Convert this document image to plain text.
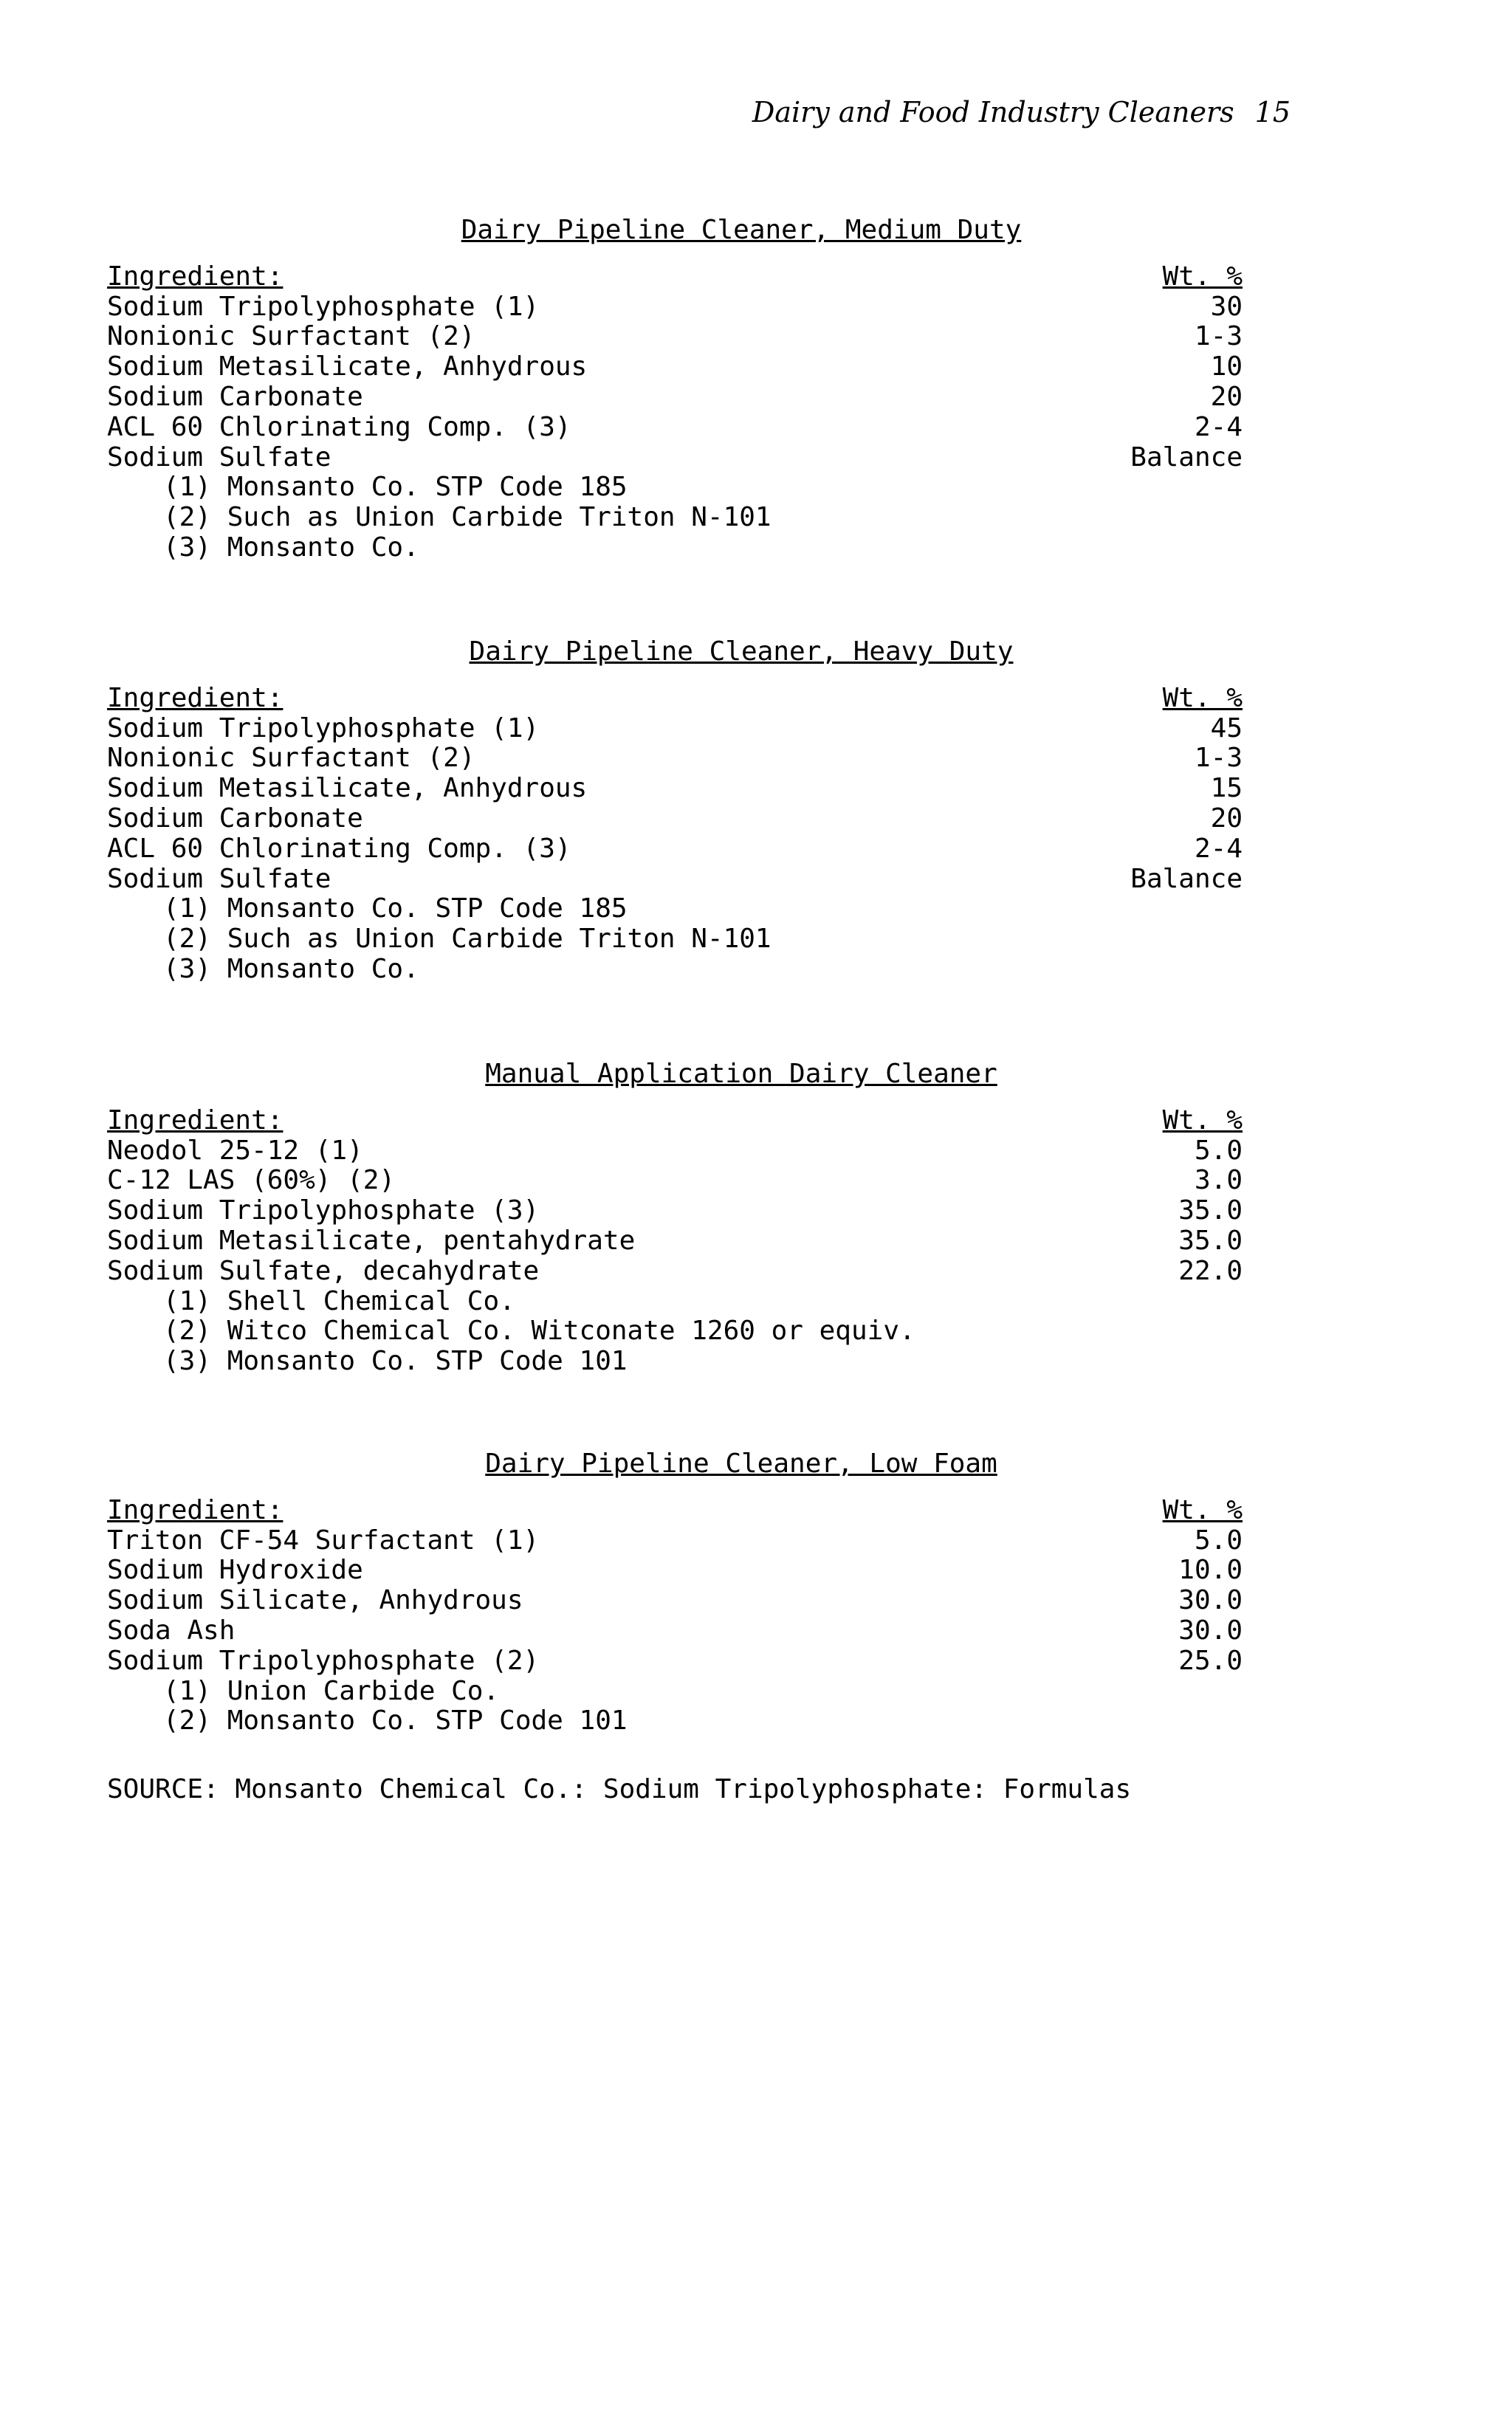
Dairy and Food Industry Cleaners 15
Dairy Pipeline Cleaner, Medium Duty
Ingredient:	Wt. %
Sodium Tripolyphosphate (1)	30
Nonionic Surfactant (2)	1-3
Sodium Metasilicate, Anhydrous	10
Sodium Carbonate	20
ACL 60 Chlorinating Comp. (3)	2-4
Sodium Sulfate	Balance
(1) Monsanto Co. STP Code 185
(2) Such as Union Carbide Triton N-101
(3) Monsanto Co.
Dairy Pipeline Cleaner, Heavy Duty
Ingredient:	Wt. %
Sodium Tripolyphosphate (1)	45
Nonionic Surfactant (2)	1-3
Sodium Metasilicate, Anhydrous	15
Sodium Carbonate	20
ACL 60 Chlorinating Comp. (3)	2-4
Sodium Sulfate	Balance
(1) Monsanto Co. STP Code 185
(2) Such as Union Carbide Triton N-101
(3) Monsanto Co.
Manual Application Dairy Cleaner
Ingredient:	Wt. %
Neodol 25-12 (1)	5.0
C-12 LAS (60%) (2)	3.0
Sodium Tripolyphosphate (3)	35.0
Sodium Metasilicate, pentahydrate	35.0
Sodium Sulfate, decahydrate	22.0
(1) Shell Chemical Co.
(2) Witco Chemical Co. Witconate 1260 or equiv.
(3) Monsanto Co. STP Code 101
Dairy Pipeline Cleaner, Low Foam
Ingredient:	Wt. %
Triton CF-54 Surfactant (1)	5.0
Sodium Hydroxide	10.0
Sodium Silicate, Anhydrous	30.0
Soda Ash	30.0
Sodium Tripolyphosphate (2)	25.0
(1) Union Carbide Co.
(2) Monsanto Co. STP Code 101
SOURCE: Monsanto Chemical Co.: Sodium Tripolyphosphate: Formulas
